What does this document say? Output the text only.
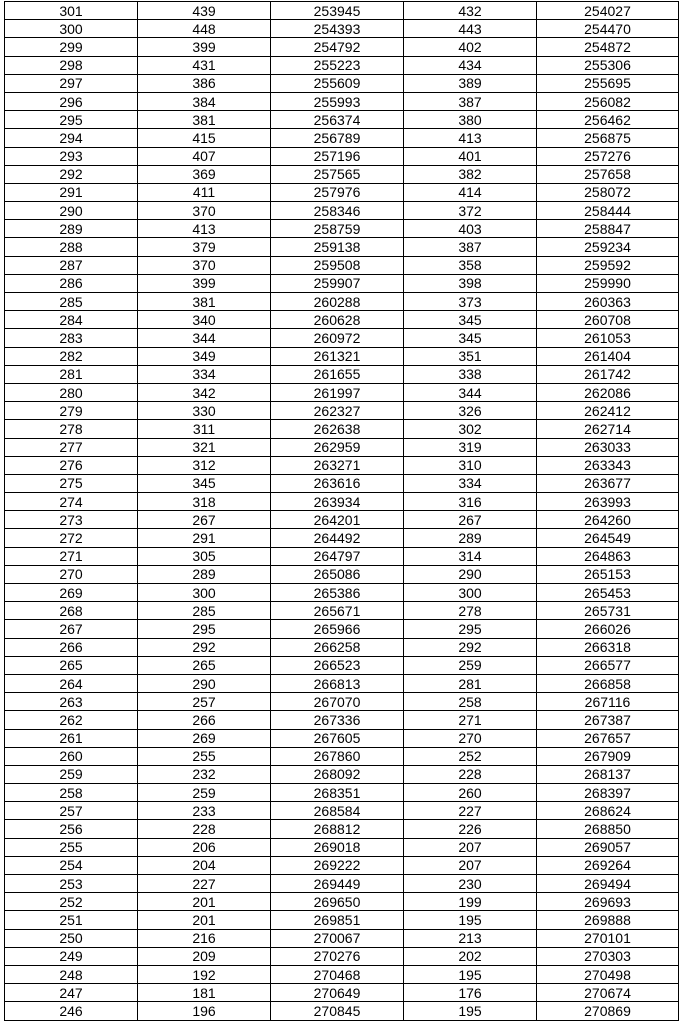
301	439	253945	432	254027
300	448	254393	443	254470
299	399	254792	402	254872
298	431	255223	434	255306
297	386	255609	389	255695
296	384	255993	387	256082
295	381	256374	380	256462
294	415	256789	413	256875
293	407	257196	401	257276
292	369	257565	382	257658
291	411	257976	414	258072
290	370	258346	372	258444
289	413	258759	403	258847
288	379	259138	387	259234
287	370	259508	358	259592
286	399	259907	398	259990
285	381	260288	373	260363
284	340	260628	345	260708
283	344	260972	345	261053
282	349	261321	351	261404
281	334	261655	338	261742
280	342	261997	344	262086
279	330	262327	326	262412
278	311	262638	302	262714
277	321	262959	319	263033
276	312	263271	310	263343
275	345	263616	334	263677
274	318	263934	316	263993
273	267	264201	267	264260
272	291	264492	289	264549
271	305	264797	314	264863
270	289	265086	290	265153
269	300	265386	300	265453
268	285	265671	278	265731
267	295	265966	295	266026
266	292	266258	292	266318
265	265	266523	259	266577
264	290	266813	281	266858
263	257	267070	258	267116
262	266	267336	271	267387
261	269	267605	270	267657
260	255	267860	252	267909
259	232	268092	228	268137
258	259	268351	260	268397
257	233	268584	227	268624
256	228	268812	226	268850
255	206	269018	207	269057
254	204	269222	207	269264
253	227	269449	230	269494
252	201	269650	199	269693
251	201	269851	195	269888
250	216	270067	213	270101
249	209	270276	202	270303
248	192	270468	195	270498
247	181	270649	176	270674
246	196	270845	195	270869
